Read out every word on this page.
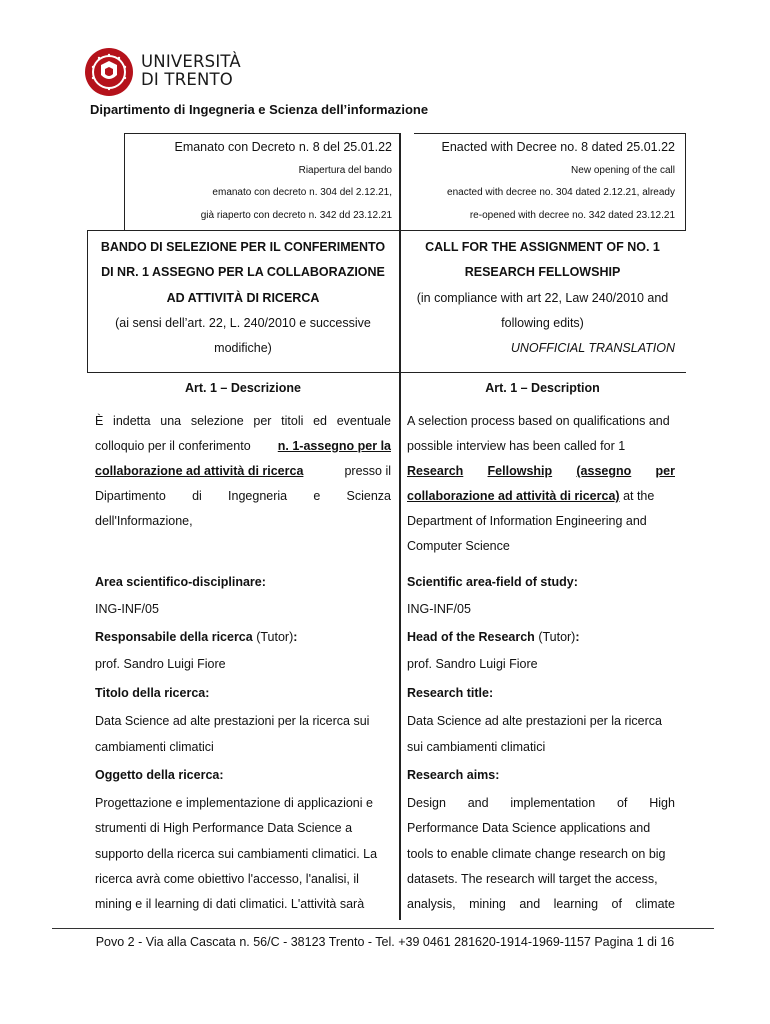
UNIVERSITÀ
DI TRENTO
Dipartimento di Ingegneria e Scienza dell’informazione
Emanato con Decreto n. 8 del 25.01.22
Riapertura del bando
emanato con decreto n. 304 del 2.12.21,
già riaperto con decreto n. 342 dd 23.12.21
Enacted with Decree no. 8 dated 25.01.22
New opening of the call
enacted with decree no. 304 dated 2.12.21, already
re-opened with decree no. 342 dated 23.12.21
BANDO DI SELEZIONE PER IL CONFERIMENTO
DI NR. 1 ASSEGNO PER LA COLLABORAZIONE
AD ATTIVITÀ DI RICERCA
(ai sensi dell’art. 22, L. 240/2010 e successive
modifiche)
CALL FOR THE ASSIGNMENT OF NO. 1
RESEARCH FELLOWSHIP
(in compliance with art 22, Law 240/2010 and
following edits)
UNOFFICIAL TRANSLATION
Art. 1 – Descrizione	Art. 1 – Description
È indetta una selezione per titoli ed eventuale
colloquio per il conferimento n. 1-assegno per la
collaborazione ad attività di ricerca	presso il
Dipartimento di Ingegneria e Scienza
dell'Informazione,
Area scientifico-disciplinare:
ING-INF/05
Responsabile della ricerca (Tutor):
prof. Sandro Luigi Fiore
Titolo della ricerca:
Data Science ad alte prestazioni per la ricerca sui
cambiamenti climatici
Oggetto della ricerca:
Progettazione e implementazione di applicazioni e
strumenti di High Performance Data Science a
supporto della ricerca sui cambiamenti climatici. La
ricerca avrà come obiettivo l'accesso, l'analisi, il
mining e il learning di dati climatici. L'attività sarà
A selection process based on qualifications and
possible interview has been called for 1
Research Fellowship (assegno per
collaborazione ad attività di ricerca) at the
Department of Information Engineering and
Computer Science
Scientific area-field of study:
ING-INF/05
Head of the Research (Tutor):
prof. Sandro Luigi Fiore
Research title:
Data Science ad alte prestazioni per la ricerca
sui cambiamenti climatici
Research aims:
Design and implementation of High
Performance Data Science applications and
tools to enable climate change research on big
datasets. The research will target the access,
analysis, mining and learning of climate
Povo 2 - Via alla Cascata n. 56/C - 38123 Trento - Tel. +39 0461 281620-1914-1969-1157 Pagina 1 di 16
